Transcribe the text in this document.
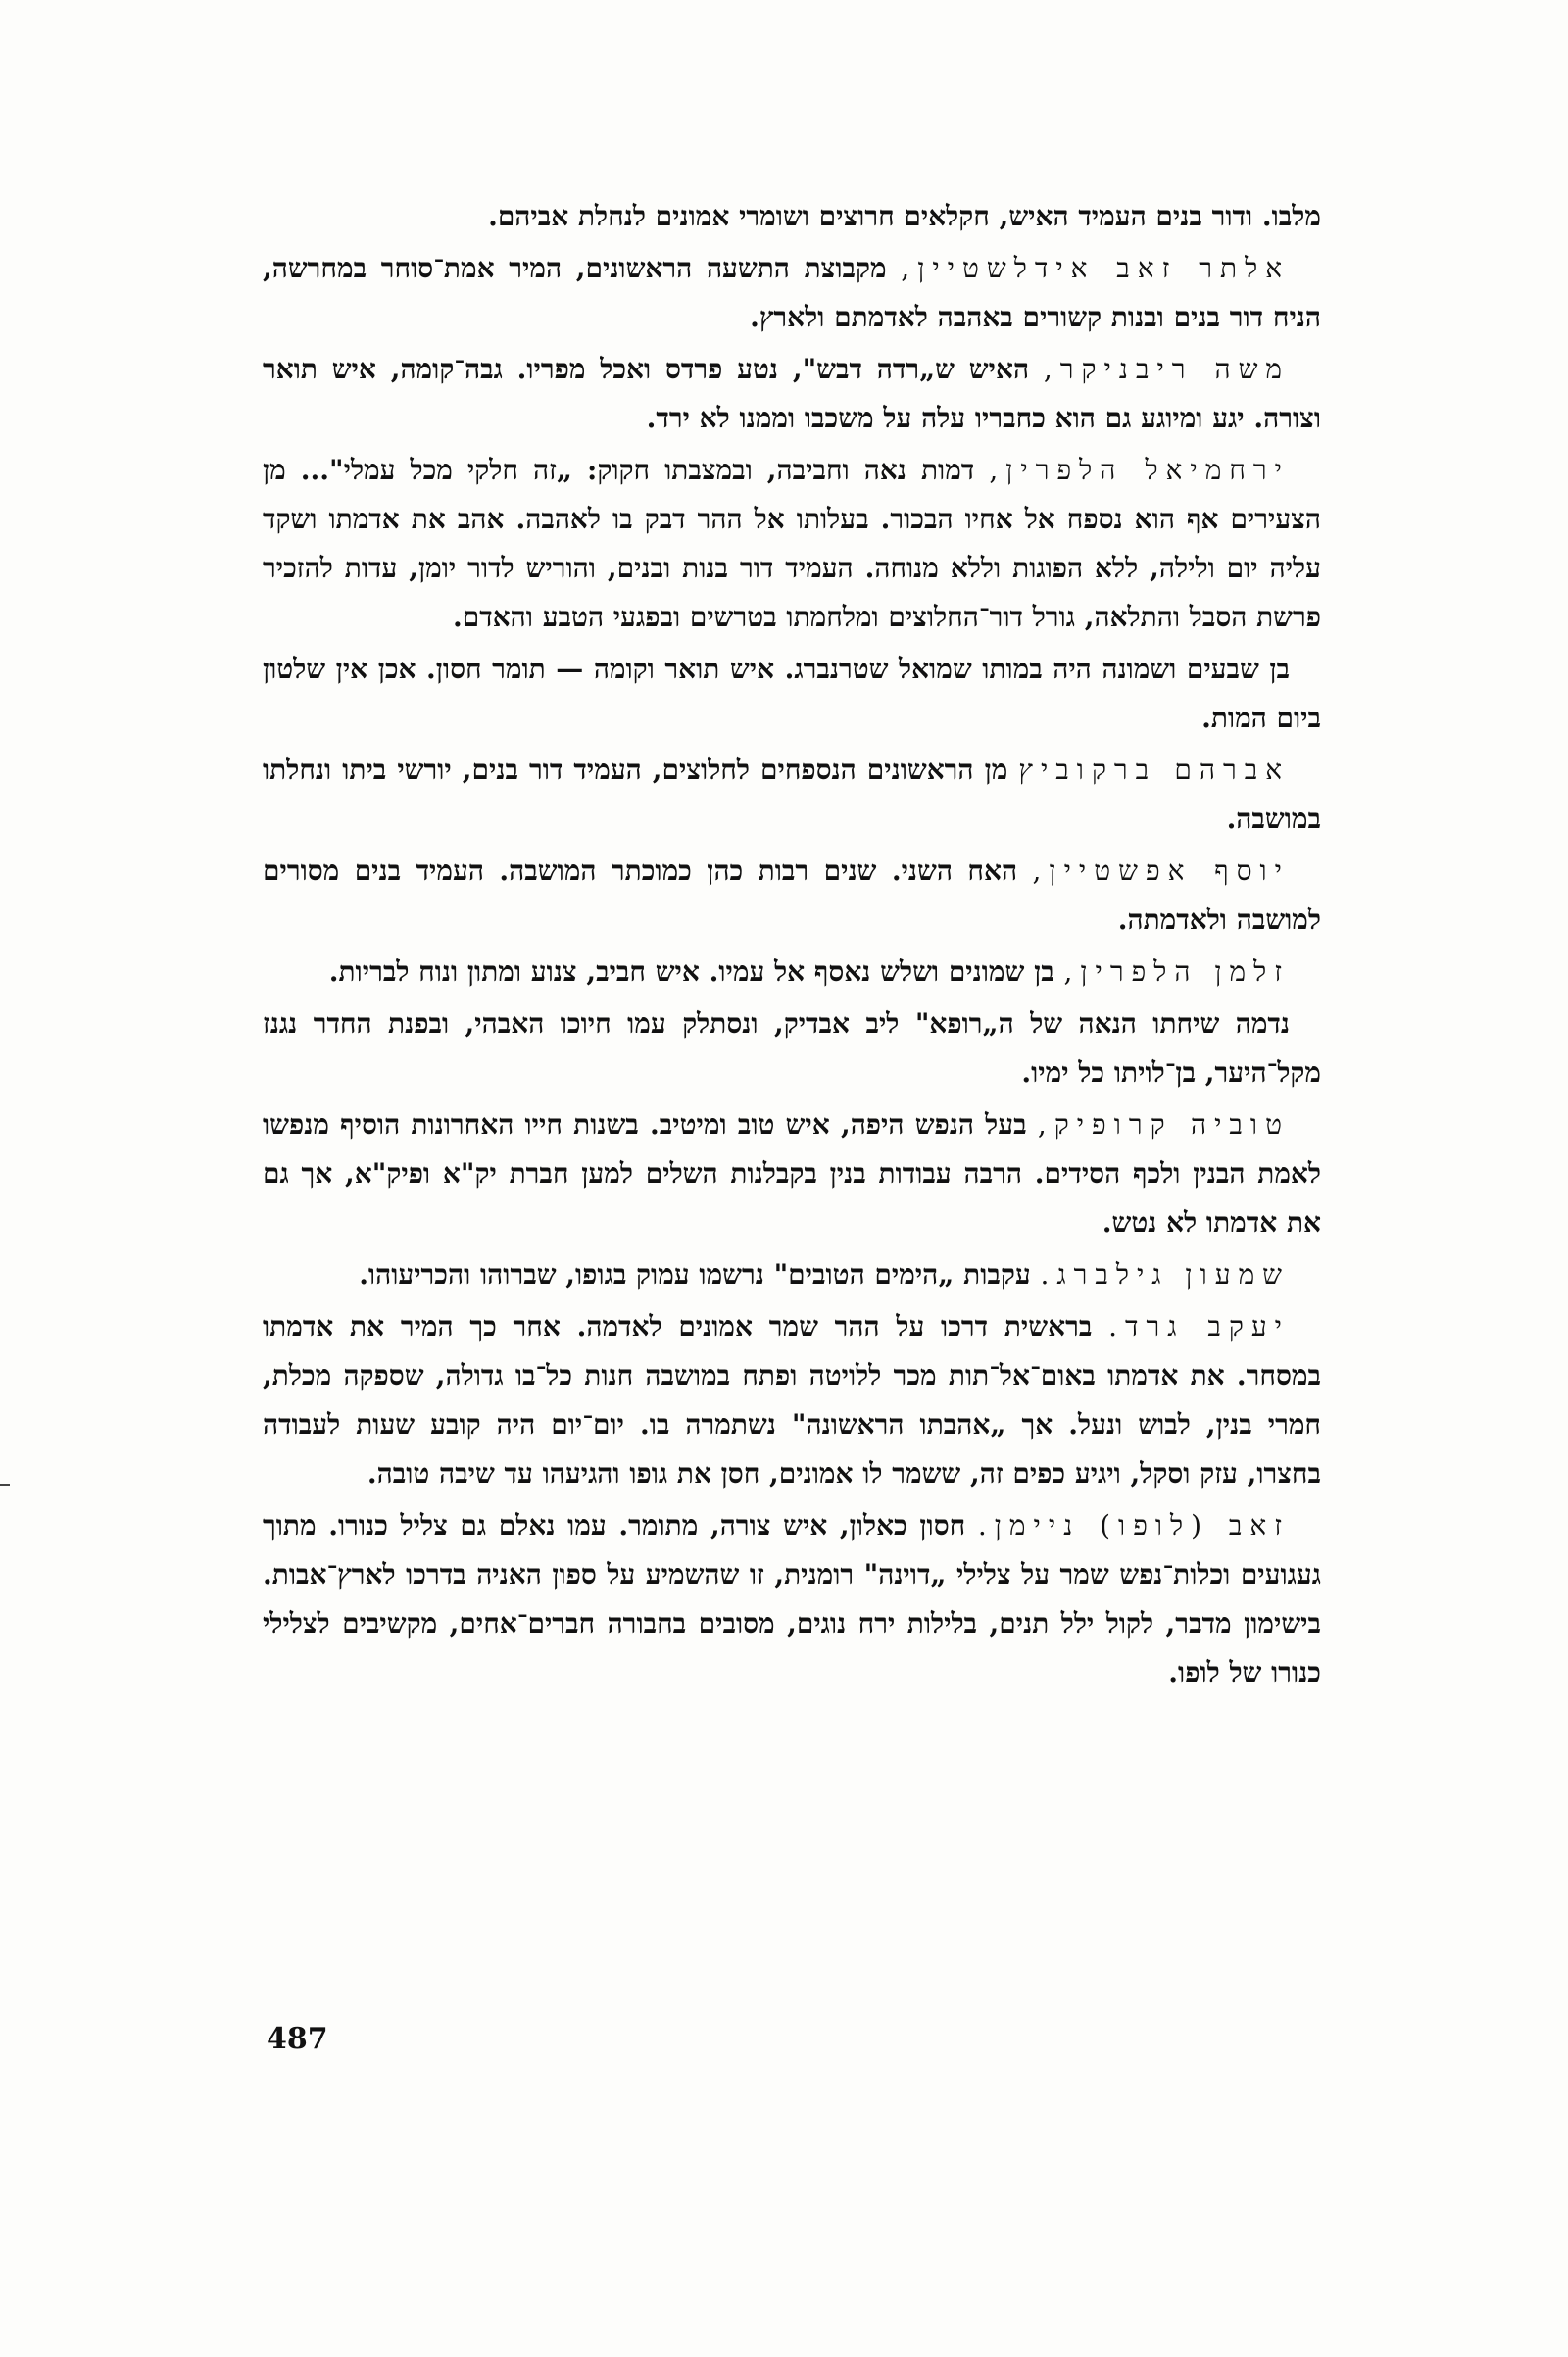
מלבו. ודור בנים העמיד האיש, חקלאים חרוצים ושומרי אמונים לנחלת אביהם.

אלתר זאב אידלשטיין, מקבוצת התשעה הראשונים, המיר אמת־סוחר במחרשה, הניח דור בנים ובנות קשורים באהבה לאדמתם ולארץ.

משה ריבניקר, האיש ש„רדה דבש", נטע פרדס ואכל מפריו. גבה־קומה, איש תואר וצורה. יגע ומיוגע גם הוא כחבריו עלה על משכבו וממנו לא ירד.

ירחמיאל הלפרין, דמות נאה וחביבה, ובמצבתו חקוק: „זה חלקי מכל עמלי"... מן הצעירים אף הוא נספח אל אחיו הבכור. בעלותו אל ההר דבק בו לאהבה. אהב את אדמתו ושקד עליה יום ולילה, ללא הפוגות וללא מנוחה. העמיד דור בנות ובנים, והוריש לדור יומן, עדות להזכיר פרשת הסבל והתלאה, גורל דור־החלוצים ומלחמתו בטרשים ובפגעי הטבע והאדם.

בן שבעים ושמונה היה במותו שמואל שטרנברג. איש תואר וקומה — תומר חסון. אכן אין שלטון ביום המות.

אברהם ברקוביץ מן הראשונים הנספחים לחלוצים, העמיד דור בנים, יורשי ביתו ונחלתו במושבה.

יוסף אפשטיין, האח השני. שנים רבות כהן כמוכתר המושבה. העמיד בנים מסורים למושבה ולאדמתה.

זלמן הלפרין, בן שמונים ושלש נאסף אל עמיו. איש חביב, צנוע ומתון ונוח לבריות.

נדמה שיחתו הנאה של ה„רופא" ליב אבדיק, ונסתלק עמו חיוכו האבהי, ובפנת החדר נגנז מקל־היער, בן־לויתו כל ימיו.

טוביה קרופיק, בעל הנפש היפה, איש טוב ומיטיב. בשנות חייו האחרונות הוסיף מנפשו לאמת הבנין ולכף הסידים. הרבה עבודות בנין בקבלנות השלים למען חברת יק"א ופיק"א, אך גם את אדמתו לא נטש.

שמעון גילברג. עקבות „הימים הטובים" נרשמו עמוק בגופו, שברוהו והכריעוהו.

יעקב גרד. בראשית דרכו על ההר שמר אמונים לאדמה. אחר כך המיר את אדמתו במסחר. את אדמתו באום־אל־תות מכר ללויטה ופתח במושבה חנות כל־בו גדולה, שספקה מכלת, חמרי בנין, לבוש ונעל. אך „אהבתו הראשונה" נשתמרה בו. יום־יום היה קובע שעות לעבודה בחצרו, עזק וסקל, ויגיע כפים זה, ששמר לו אמונים, חסן את גופו והגיעהו עד שיבה טובה.

זאב (לופו) ניימן. חסון כאלון, איש צורה, מתומר. עמו נאלם גם צליל כנורו. מתוך געגועים וכלות־נפש שמר על צלילי „דוינה" רומנית, זו שהשמיע על ספון האניה בדרכו לארץ־אבות. בישימון מדבר, לקול ילל תנים, בלילות ירח נוגים, מסובים בחבורה חברים־אחים, מקשיבים לצלילי כנורו של לופו.

487
